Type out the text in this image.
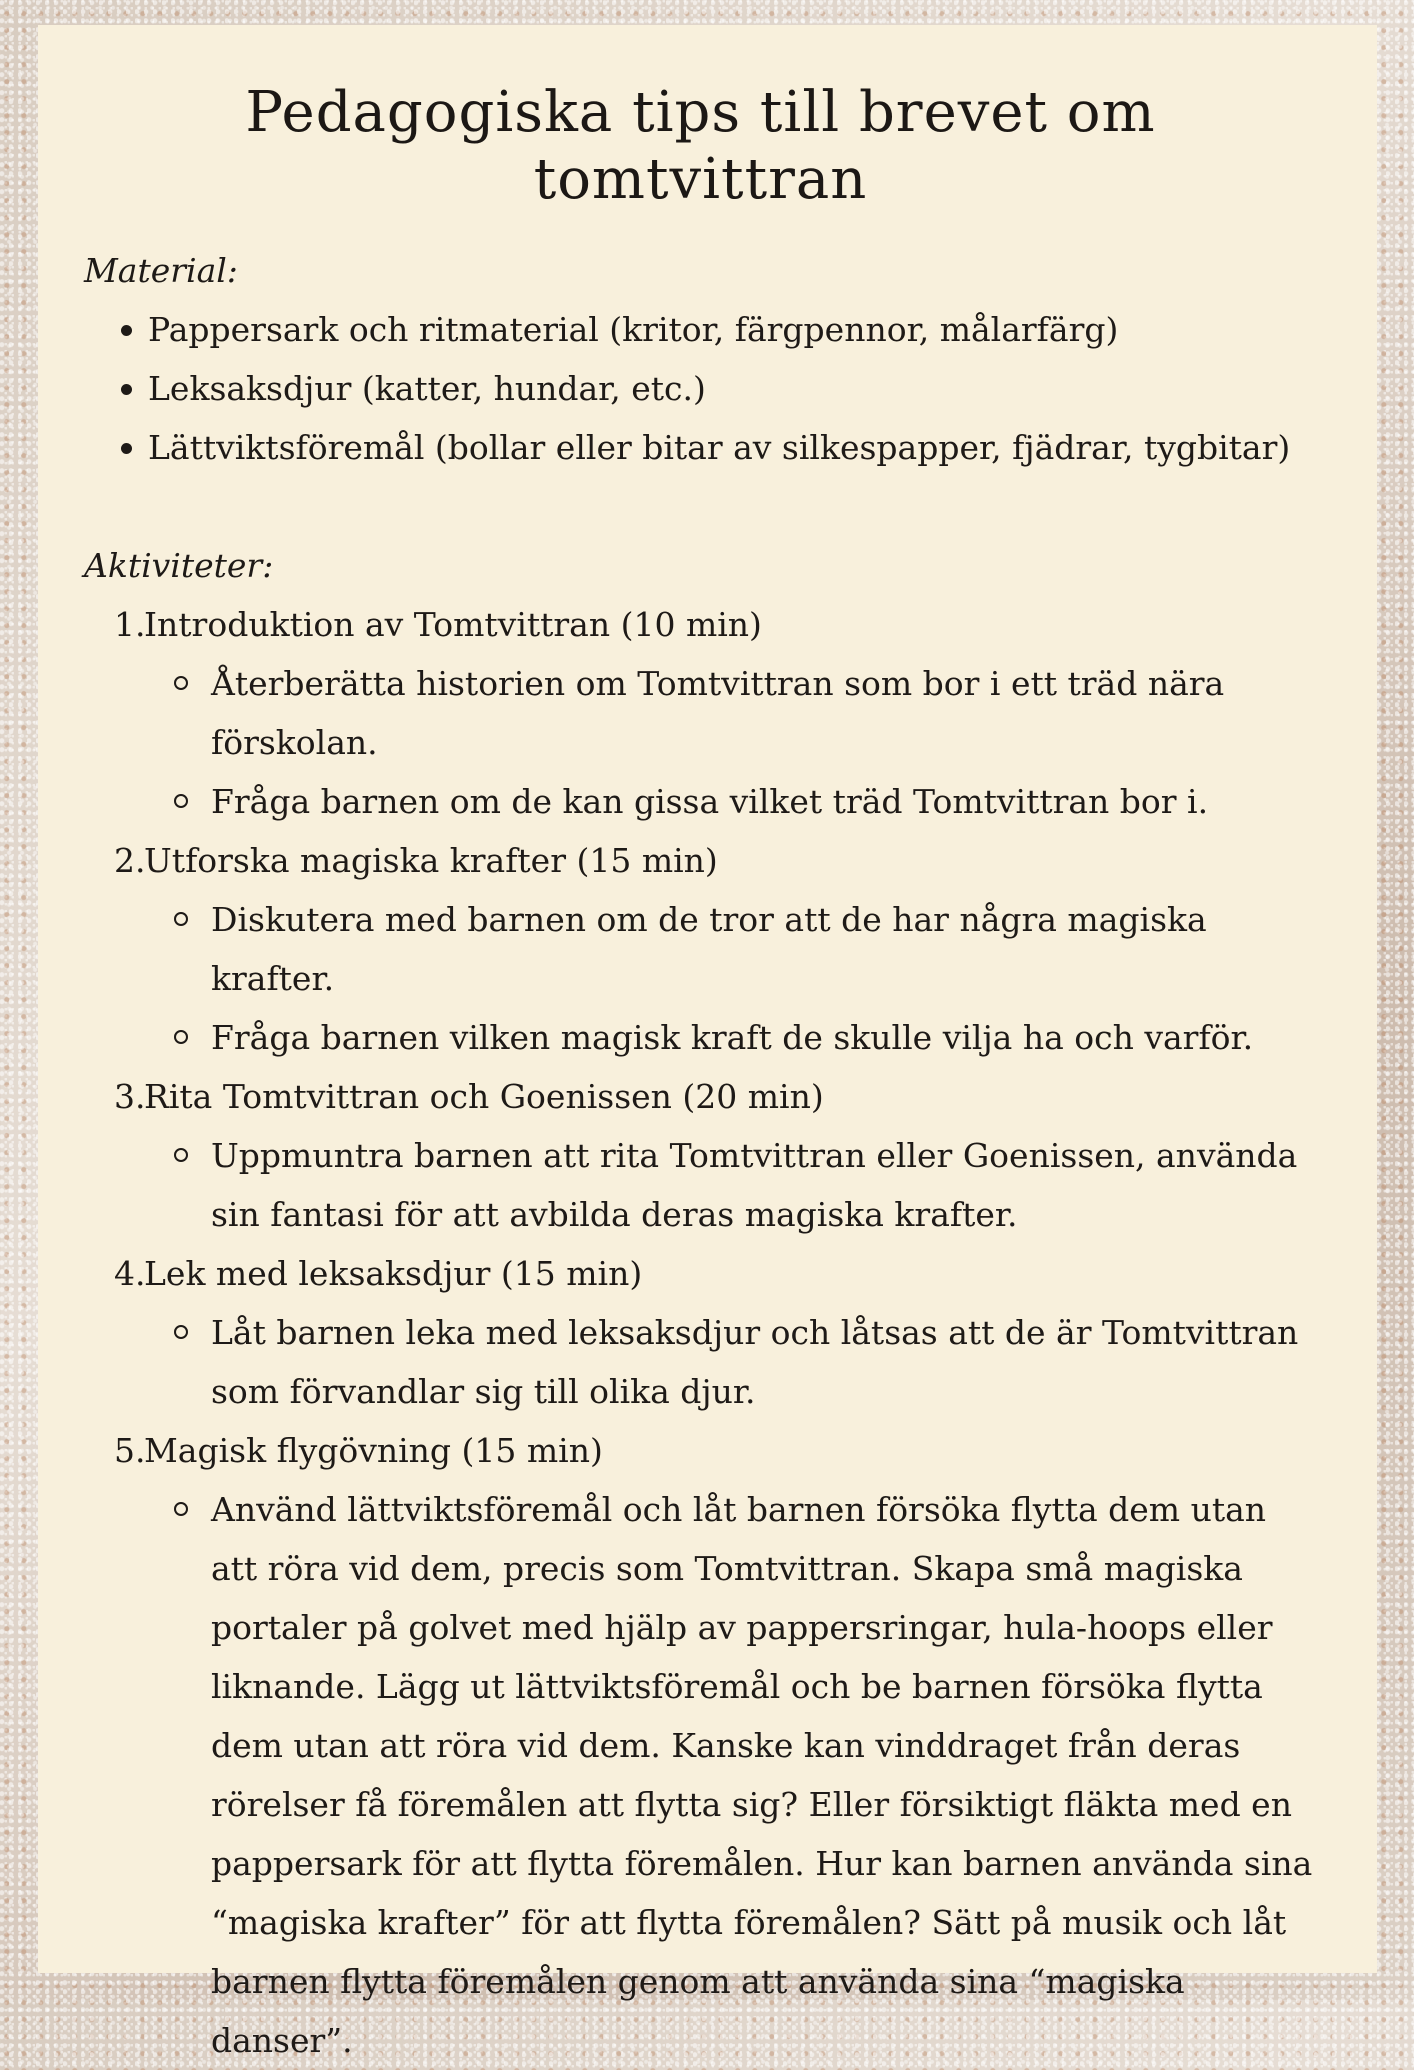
Pedagogiska tips till brevet om tomtvittran

Material:

Pappersark och ritmaterial (kritor, färgpennor, målarfärg)
Leksaksdjur (katter, hundar, etc.)
Lättviktsföremål (bollar eller bitar av silkespapper, fjädrar, tygbitar)

Aktiviteter:

1.
Introduktion av Tomtvittran (10 min)
Återberätta historien om Tomtvittran som bor i ett träd nära förskolan.
Fråga barnen om de kan gissa vilket träd Tomtvittran bor i.
2.
Utforska magiska krafter (15 min)
Diskutera med barnen om de tror att de har några magiska krafter.
Fråga barnen vilken magisk kraft de skulle vilja ha och varför.
3.
Rita Tomtvittran och Goenissen (20 min)
Uppmuntra barnen att rita Tomtvittran eller Goenissen, använda sin fantasi för att avbilda deras magiska krafter.
4.
Lek med leksaksdjur (15 min)
Låt barnen leka med leksaksdjur och låtsas att de är Tomtvittran som förvandlar sig till olika djur.
5.
Magisk flygövning (15 min)
Använd lättviktsföremål och låt barnen försöka flytta dem utan att röra vid dem, precis som Tomtvittran. Skapa små magiska portaler på golvet med hjälp av pappersringar, hula-hoops eller liknande. Lägg ut lättviktsföremål och be barnen försöka flytta dem utan att röra vid dem. Kanske kan vinddraget från deras rörelser få föremålen att flytta sig? Eller försiktigt fläkta med en pappersark för att flytta föremålen. Hur kan barnen använda sina “magiska krafter” för att flytta föremålen? Sätt på musik och låt barnen flytta föremålen genom att använda sina “magiska danser”.
